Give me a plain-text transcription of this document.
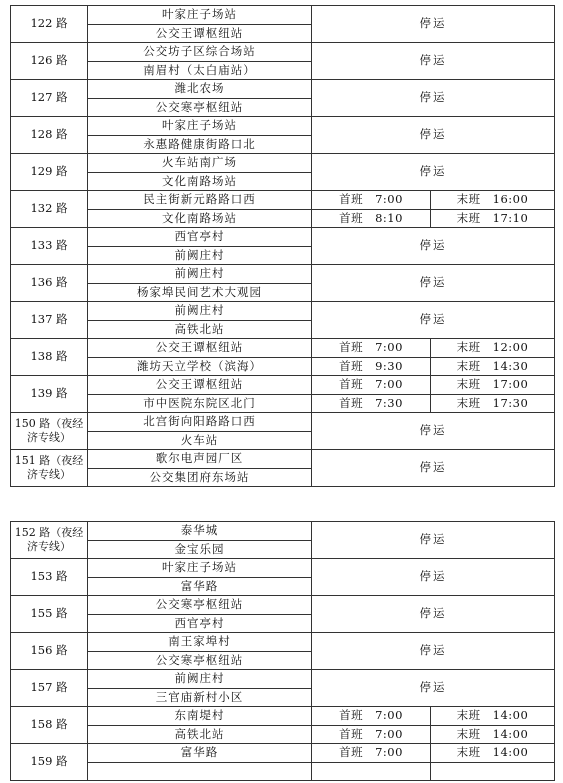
122 路	叶家庄子场站	停运	
	公交王谭枢纽站		
126 路	公交坊子区综合场站	停运	
	南眉村（太白庙站）		
127 路	潍北农场	停运	
	公交寒亭枢纽站		
128 路	叶家庄子场站	停运	
	永惠路健康街路口北		
129 路	火车站南广场	停运	
	文化南路场站		
132 路	民主街新元路路口西	首班　7:00	末班　16:00
	文化南路场站	首班　8:10	末班　17:10
133 路	西官亭村	停运	
	前阙庄村		
136 路	前阙庄村	停运	
	杨家埠民间艺术大观园		
137 路	前阙庄村	停运	
	高铁北站		
138 路	公交王谭枢纽站	首班　7:00	末班　12:00
	潍坊天立学校（滨海）	首班　9:30	末班　14:30
139 路	公交王谭枢纽站	首班　7:00	末班　17:00
	市中医院东院区北门	首班　7:30	末班　17:30
150 路（夜经济专线）	北宫街向阳路路口西	停运	
	火车站		
151 路（夜经济专线）	歌尔电声园厂区	停运	
	公交集团府东场站		
152 路（夜经济专线）	泰华城	停运	
	金宝乐园		
153 路	叶家庄子场站	停运	
	富华路		
155 路	公交寒亭枢纽站	停运	
	西官亭村		
156 路	南王家埠村	停运	
	公交寒亭枢纽站		
157 路	前阙庄村	停运	
	三官庙新村小区		
158 路	东南堤村	首班　7:00	末班　14:00
	高铁北站	首班　7:00	末班　14:00
159 路	富华路	首班　7:00	末班　14:00
